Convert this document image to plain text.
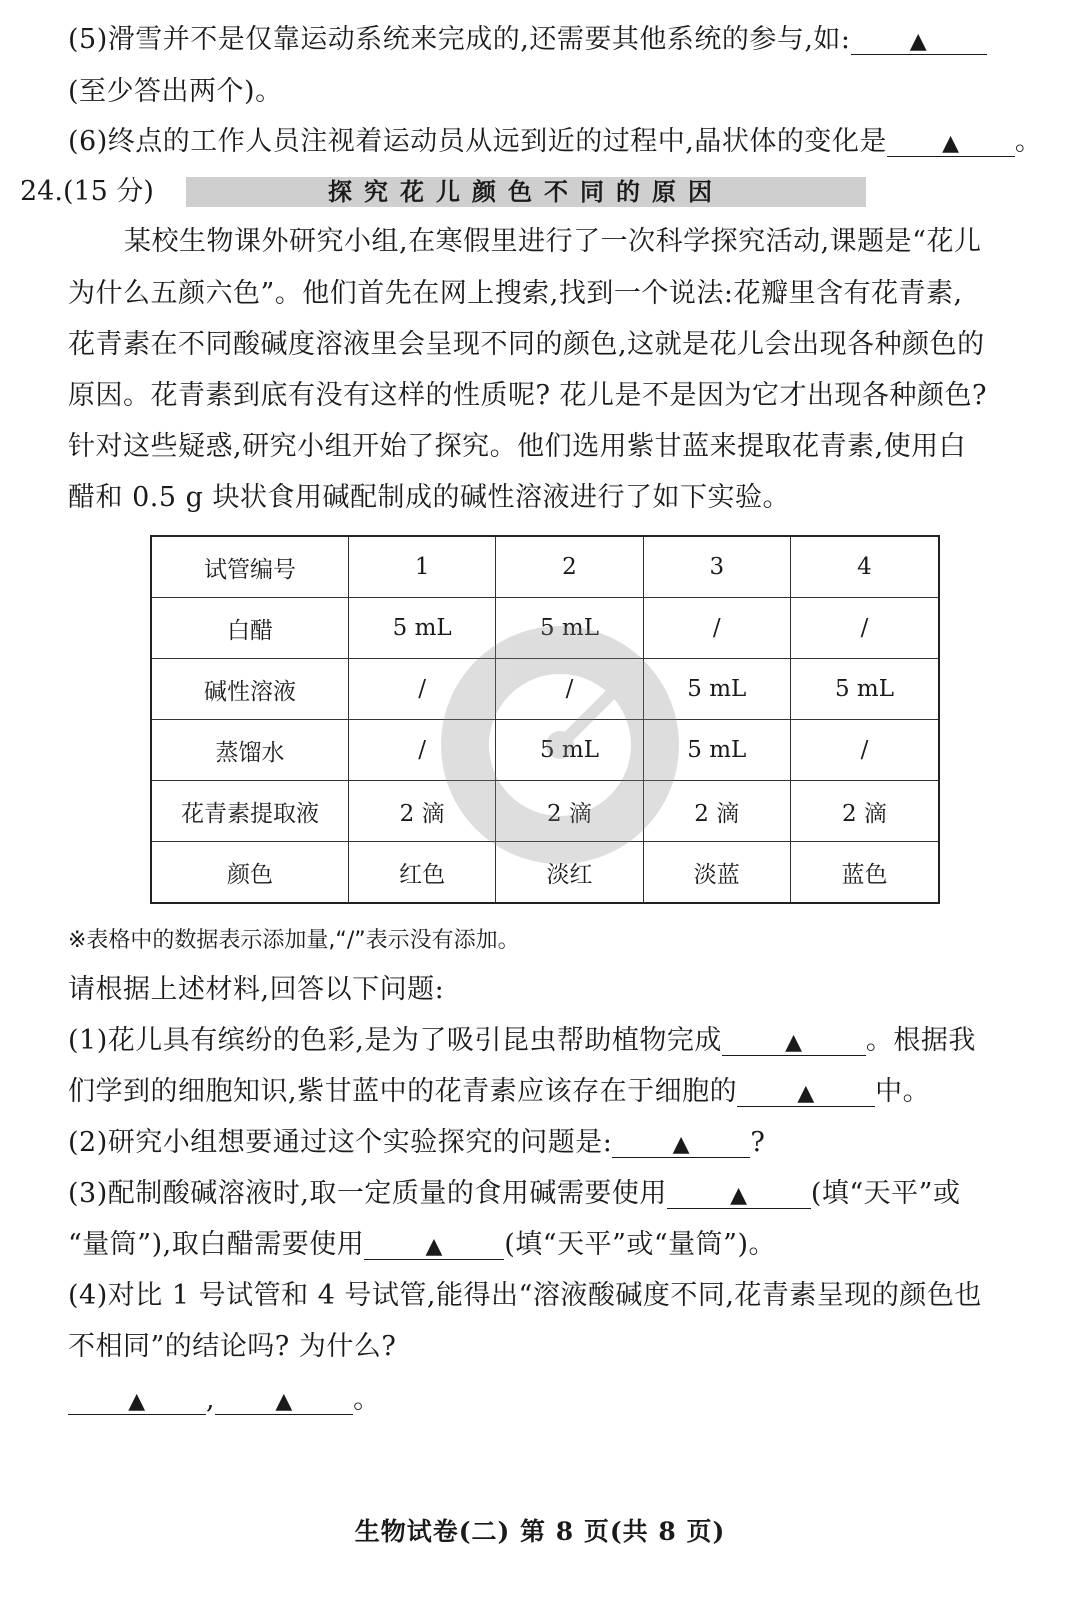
(5)滑雪并不是仅靠运动系统来完成的,还需要其他系统的参与,如:	▲
(至少答出两个)。
(6)终点的工作人员注视着运动员从远到近的过程中,晶状体的变化是	▲ 。
24.(15 分)	探究花儿颜色不同的原因
某校生物课外研究小组,在寒假里进行了一次科学探究活动,课题是“花儿
为什么五颜六色”。他们首先在网上搜索,找到一个说法:花瓣里含有花青素,
花青素在不同酸碱度溶液里会呈现不同的颜色,这就是花儿会出现各种颜色的
原因。花青素到底有没有这样的性质呢? 花儿是不是因为它才出现各种颜色?
针对这些疑惑,研究小组开始了探究。他们选用紫甘蓝来提取花青素,使用白
醋和 0.5 g 块状食用碱配制成的碱性溶液进行了如下实验。
试管编号	1	2	3	4
白醋	5 mL	5 mL	/	/
碱性溶液	/	/	5 mL	5 mL
蒸馏水	/	5 mL	5 mL	/
花青素提取液	2 滴	2 滴	2 滴	2 滴
颜色	红色	淡红	淡蓝	蓝色
※表格中的数据表示添加量,“/”表示没有添加。
请根据上述材料,回答以下问题:
(1)花儿具有缤纷的色彩,是为了吸引昆虫帮助植物完成	▲ 。根据我
们学到的细胞知识,紫甘蓝中的花青素应该存在于细胞的	▲ 中。
(2)研究小组想要通过这个实验探究的问题是:	▲ ?
(3)配制酸碱溶液时,取一定质量的食用碱需要使用	▲ (填“天平”或
“量筒”),取白醋需要使用	▲ (填“天平”或“量筒”)。
(4)对比 1 号试管和 4 号试管,能得出“溶液酸碱度不同,花青素呈现的颜色也
不相同”的结论吗? 为什么?
▲ ,	▲ 。
生物试卷(二) 第 8 页(共 8 页)
